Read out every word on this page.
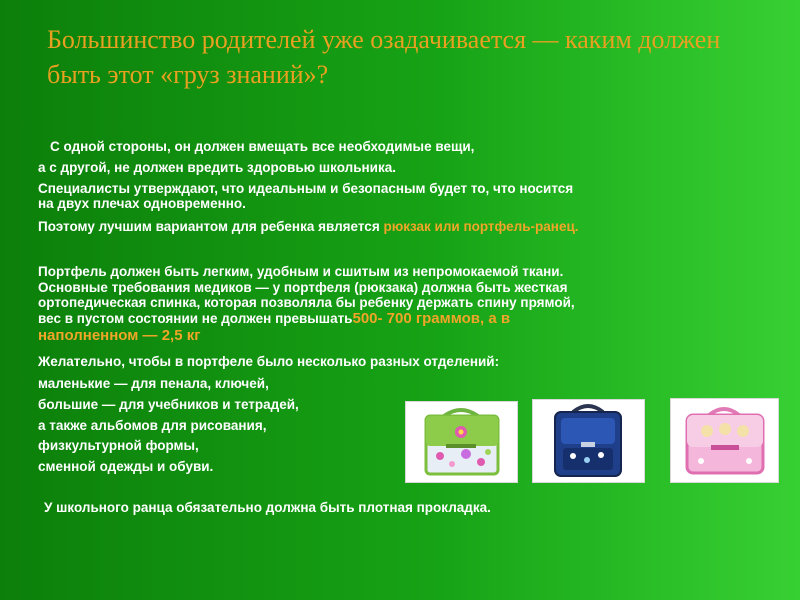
Большинство родителей уже озадачивается — каким должен быть этот «груз знаний»?
С одной стороны, он должен вмещать все необходимые вещи,
а с другой, не должен вредить здоровью школьника.
Специалисты утверждают, что идеальным и безопасным будет то, что носится
на двух плечах одновременно.
Поэтому лучшим вариантом для ребенка является рюкзак или портфель-ранец.
Портфель должен быть легким, удобным и сшитым из непромокаемой ткани.
Основные требования медиков — у портфеля (рюкзака) должна быть жесткая
ортопедическая спинка, которая позволяла бы ребенку держать спину прямой,
вес в пустом состоянии не должен превышать500- 700 граммов, а в
наполненном — 2,5 кг
Желательно, чтобы в портфеле было несколько разных отделений:
маленькие — для пенала, ключей,
большие — для учебников и тетрадей,
а также альбомов для рисования,
физкультурной формы,
сменной одежды и обуви.
У школьного ранца обязательно должна быть плотная прокладка.
